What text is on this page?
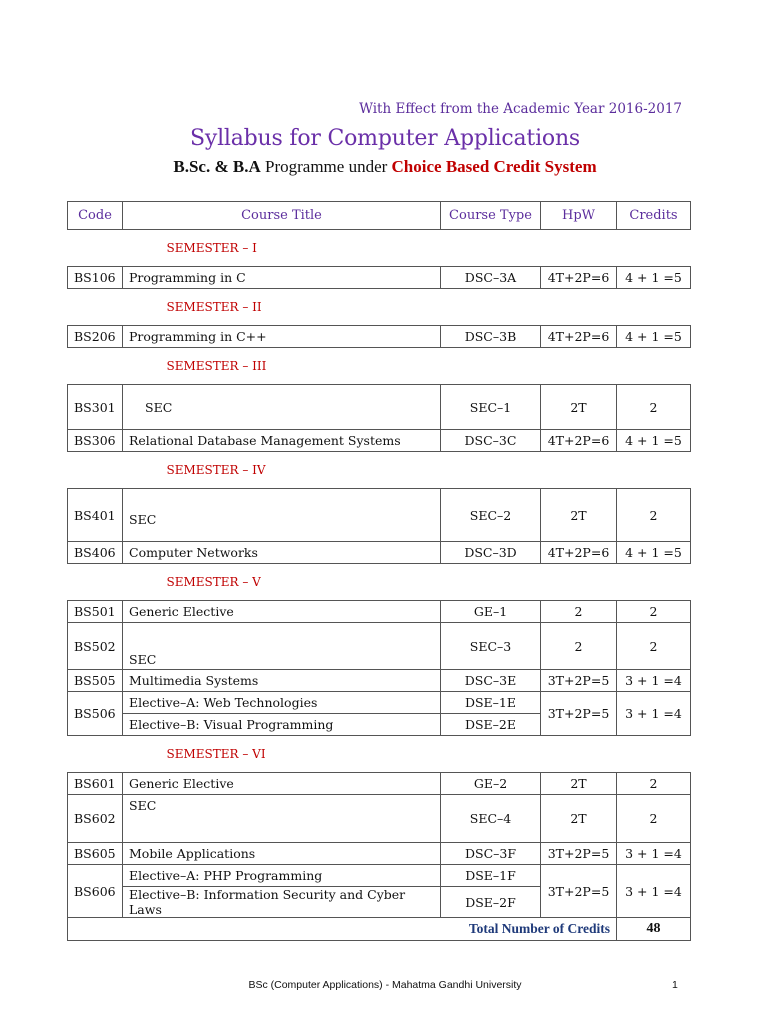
With Effect from the Academic Year 2016-2017
Syllabus for Computer Applications
B.Sc. & B.A Programme under Choice Based Credit System
Code	Course Title	Course Type	HpW	Credits
SEMESTER – I				
BS106	Programming in C	DSC–3A	4T+2P=6	4 + 1 =5
SEMESTER – II				
BS206	Programming in C++	DSC–3B	4T+2P=6	4 + 1 =5
SEMESTER – III				
BS301	SEC	SEC–1	2T	2
BS306	Relational Database Management Systems	DSC–3C	4T+2P=6	4 + 1 =5
SEMESTER – IV				
BS401	SEC	SEC–2	2T	2
BS406	Computer Networks	DSC–3D	4T+2P=6	4 + 1 =5
SEMESTER – V				
BS501	Generic Elective	GE–1	2	2
BS502	SEC	SEC–3	2	2
BS505	Multimedia Systems	DSC–3E	3T+2P=5	3 + 1 =4
BS506	Elective–A: Web Technologies	DSE–1E	3T+2P=5	3 + 1 =4
	Elective–B: Visual Programming	DSE–2E		
SEMESTER – VI				
BS601	Generic Elective	GE–2	2T	2
BS602	SEC	SEC–4	2T	2
BS605	Mobile Applications	DSC–3F	3T+2P=5	3 + 1 =4
BS606	Elective–A: PHP Programming	DSE–1F	3T+2P=5	3 + 1 =4
	Elective–B: Information Security and Cyber Laws	DSE–2F		
Total Number of Credits				48
BSc (Computer Applications) - Mahatma Gandhi University	1
